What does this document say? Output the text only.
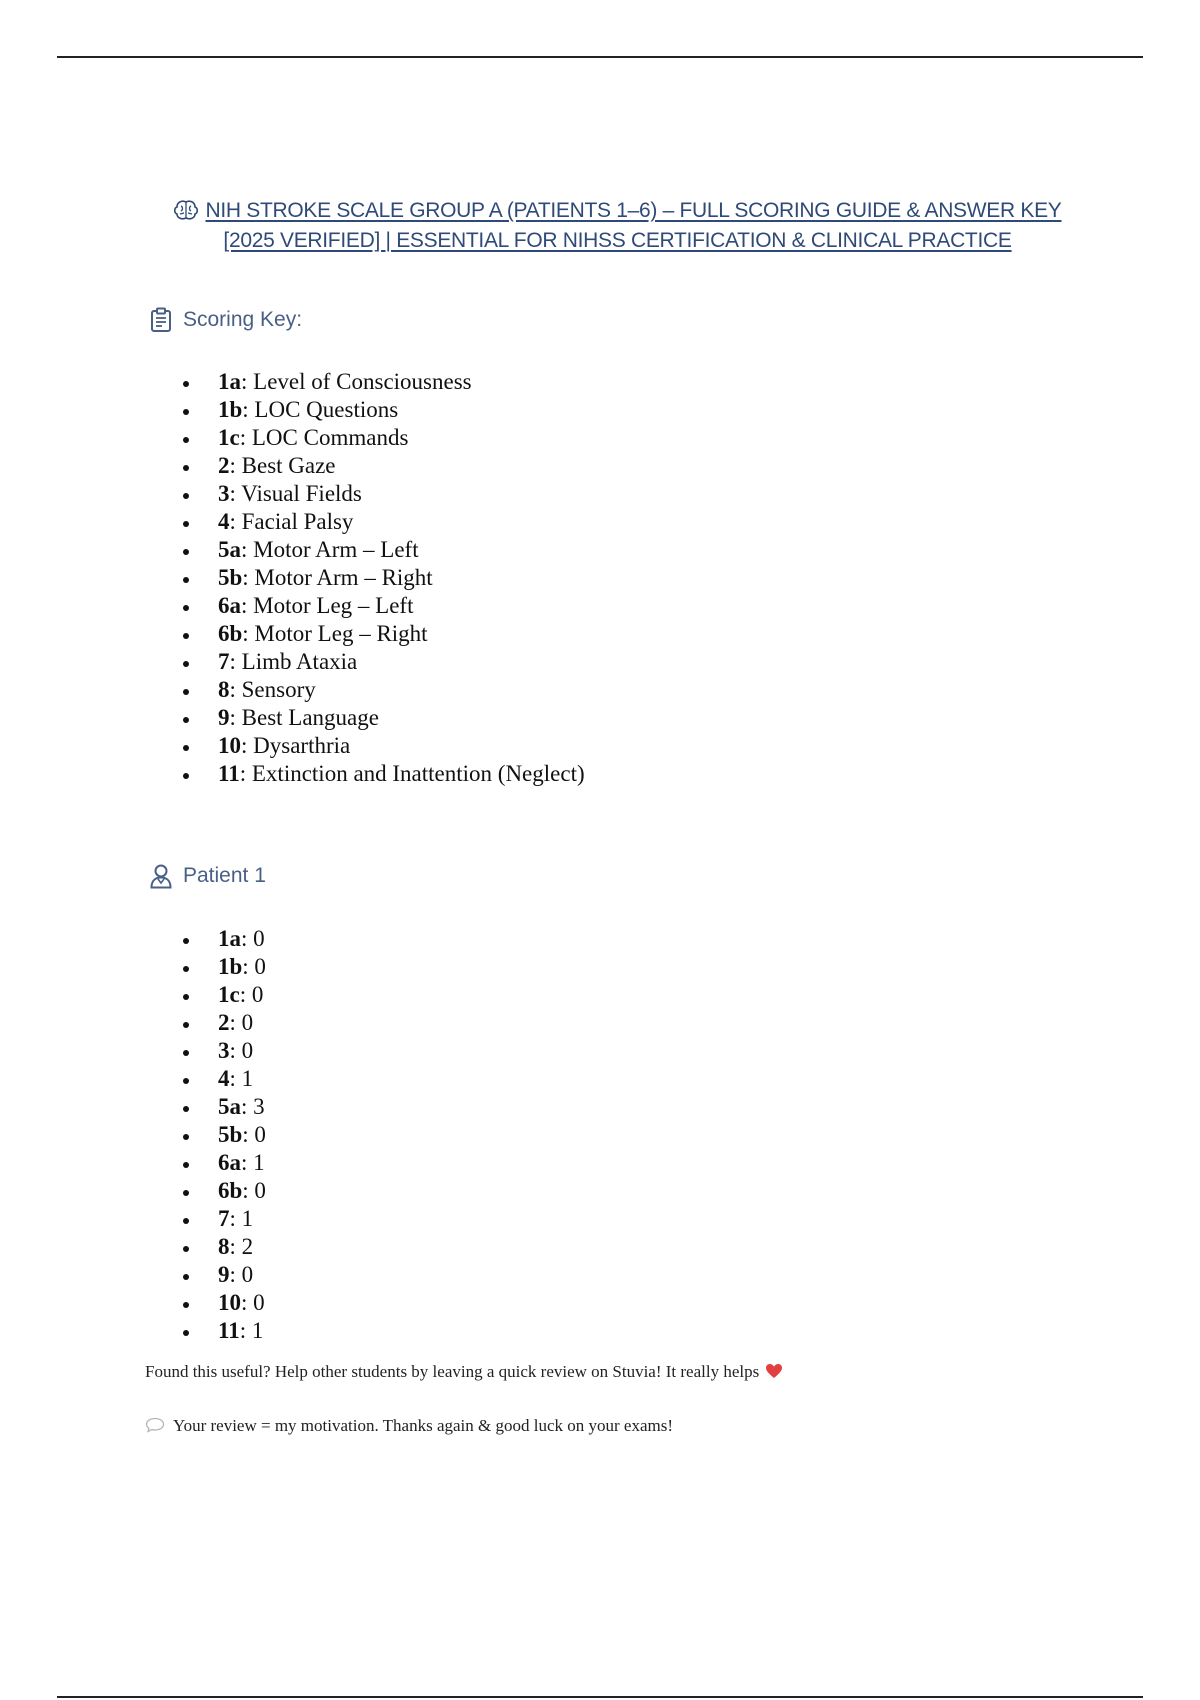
NIH STROKE SCALE GROUP A (PATIENTS 1–6) – FULL SCORING GUIDE & ANSWER KEY [2025 VERIFIED] | ESSENTIAL FOR NIHSS CERTIFICATION & CLINICAL PRACTICE
Scoring Key:
1a: Level of Consciousness
1b: LOC Questions
1c: LOC Commands
2: Best Gaze
3: Visual Fields
4: Facial Palsy
5a: Motor Arm – Left
5b: Motor Arm – Right
6a: Motor Leg – Left
6b: Motor Leg – Right
7: Limb Ataxia
8: Sensory
9: Best Language
10: Dysarthria
11: Extinction and Inattention (Neglect)
Patient 1
1a: 0
1b: 0
1c: 0
2: 0
3: 0
4: 1
5a: 3
5b: 0
6a: 1
6b: 0
7: 1
8: 2
9: 0
10: 0
11: 1
Found this useful? Help other students by leaving a quick review on Stuvia! It really helps
Your review = my motivation. Thanks again & good luck on your exams!
